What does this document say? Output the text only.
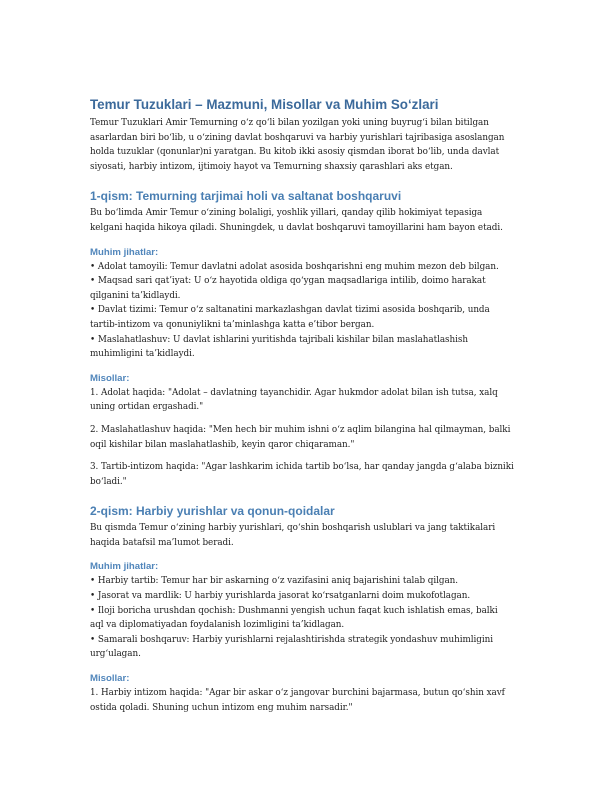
Temur Tuzuklari – Mazmuni, Misollar va Muhim So‘zlari

Temur Tuzuklari Amir Temurning o‘z qo‘li bilan yozilgan yoki uning buyrug‘i bilan bitilgan

asarlardan biri bo‘lib, u o‘zining davlat boshqaruvi va harbiy yurishlari tajribasiga asoslangan

holda tuzuklar (qonunlar)ni yaratgan. Bu kitob ikki asosiy qismdan iborat bo‘lib, unda davlat

siyosati, harbiy intizom, ijtimoiy hayot va Temurning shaxsiy qarashlari aks etgan.

1-qism: Temurning tarjimai holi va saltanat boshqaruvi

Bu bo‘limda Amir Temur o‘zining bolaligi, yoshlik yillari, qanday qilib hokimiyat tepasiga

kelgani haqida hikoya qiladi. Shuningdek, u davlat boshqaruvi tamoyillarini ham bayon etadi.

Muhim jihatlar:

• Adolat tamoyili: Temur davlatni adolat asosida boshqarishni eng muhim mezon deb bilgan.

• Maqsad sari qat’iyat: U o‘z hayotida oldiga qo‘ygan maqsadlariga intilib, doimo harakat

qilganini ta’kidlaydi.

• Davlat tizimi: Temur o‘z saltanatini markazlashgan davlat tizimi asosida boshqarib, unda

tartib-intizom va qonuniylikni ta’minlashga katta e’tibor bergan.

• Maslahatlashuv: U davlat ishlarini yuritishda tajribali kishilar bilan maslahatlashish

muhimligini ta’kidlaydi.

Misollar:

1. Adolat haqida: "Adolat – davlatning tayanchidir. Agar hukmdor adolat bilan ish tutsa, xalq

uning ortidan ergashadi."

2. Maslahatlashuv haqida: "Men hech bir muhim ishni o‘z aqlim bilangina hal qilmayman, balki

oqil kishilar bilan maslahatlashib, keyin qaror chiqaraman."

3. Tartib-intizom haqida: "Agar lashkarim ichida tartib bo‘lsa, har qanday jangda g‘alaba bizniki

bo‘ladi."

2-qism: Harbiy yurishlar va qonun-qoidalar

Bu qismda Temur o‘zining harbiy yurishlari, qo‘shin boshqarish uslublari va jang taktikalari

haqida batafsil ma’lumot beradi.

Muhim jihatlar:

• Harbiy tartib: Temur har bir askarning o‘z vazifasini aniq bajarishini talab qilgan.

• Jasorat va mardlik: U harbiy yurishlarda jasorat ko‘rsatganlarni doim mukofotlagan.

• Iloji boricha urushdan qochish: Dushmanni yengish uchun faqat kuch ishlatish emas, balki

aql va diplomatiyadan foydalanish lozimligini ta’kidlagan.

• Samarali boshqaruv: Harbiy yurishlarni rejalashtirishda strategik yondashuv muhimligini

urg‘ulagan.

Misollar:

1. Harbiy intizom haqida: "Agar bir askar o‘z jangovar burchini bajarmasa, butun qo‘shin xavf

ostida qoladi. Shuning uchun intizom eng muhim narsadir."
